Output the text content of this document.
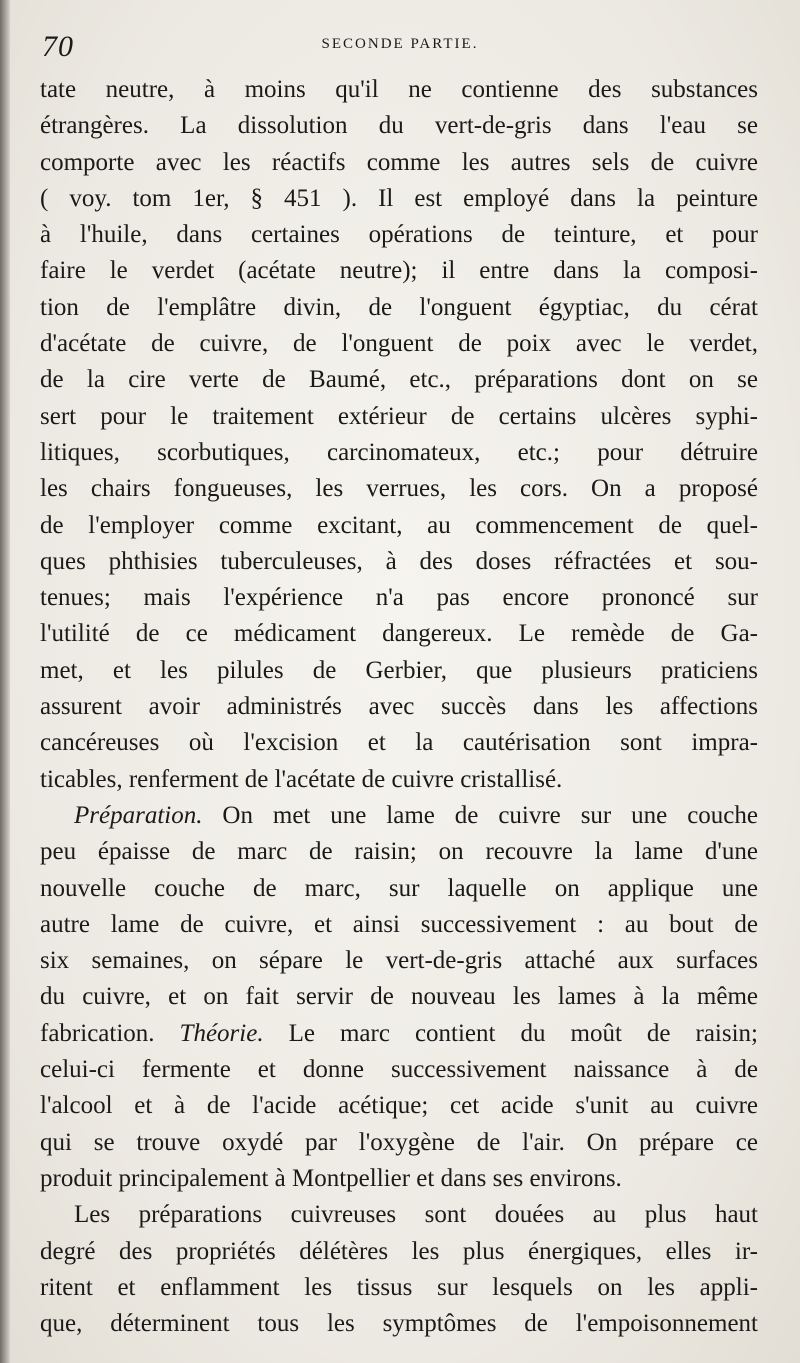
70	SECONDE PARTIE.
tate neutre, à moins qu'il ne contienne des substances
étrangères. La dissolution du vert-de-gris dans l'eau se
comporte avec les réactifs comme les autres sels de cuivre
( voy. tom 1er, § 451 ). Il est employé dans la peinture
à l'huile, dans certaines opérations de teinture, et pour
faire le verdet (acétate neutre); il entre dans la composi-
tion de l'emplâtre divin, de l'onguent égyptiac, du cérat
d'acétate de cuivre, de l'onguent de poix avec le verdet,
de la cire verte de Baumé, etc., préparations dont on se
sert pour le traitement extérieur de certains ulcères syphi-
litiques, scorbutiques, carcinomateux, etc.; pour détruire
les chairs fongueuses, les verrues, les cors. On a proposé
de l'employer comme excitant, au commencement de quel-
ques phthisies tuberculeuses, à des doses réfractées et sou-
tenues; mais l'expérience n'a pas encore prononcé sur
l'utilité de ce médicament dangereux. Le remède de Ga-
met, et les pilules de Gerbier, que plusieurs praticiens
assurent avoir administrés avec succès dans les affections
cancéreuses où l'excision et la cautérisation sont impra-
ticables, renferment de l'acétate de cuivre cristallisé.
Préparation. On met une lame de cuivre sur une couche
peu épaisse de marc de raisin; on recouvre la lame d'une
nouvelle couche de marc, sur laquelle on applique une
autre lame de cuivre, et ainsi successivement : au bout de
six semaines, on sépare le vert-de-gris attaché aux surfaces
du cuivre, et on fait servir de nouveau les lames à la même
fabrication. Théorie. Le marc contient du moût de raisin;
celui-ci fermente et donne successivement naissance à de
l'alcool et à de l'acide acétique; cet acide s'unit au cuivre
qui se trouve oxydé par l'oxygène de l'air. On prépare ce
produit principalement à Montpellier et dans ses environs.
Les préparations cuivreuses sont douées au plus haut
degré des propriétés délétères les plus énergiques, elles ir-
ritent et enflamment les tissus sur lesquels on les appli-
que, déterminent tous les symptômes de l'empoisonnement
